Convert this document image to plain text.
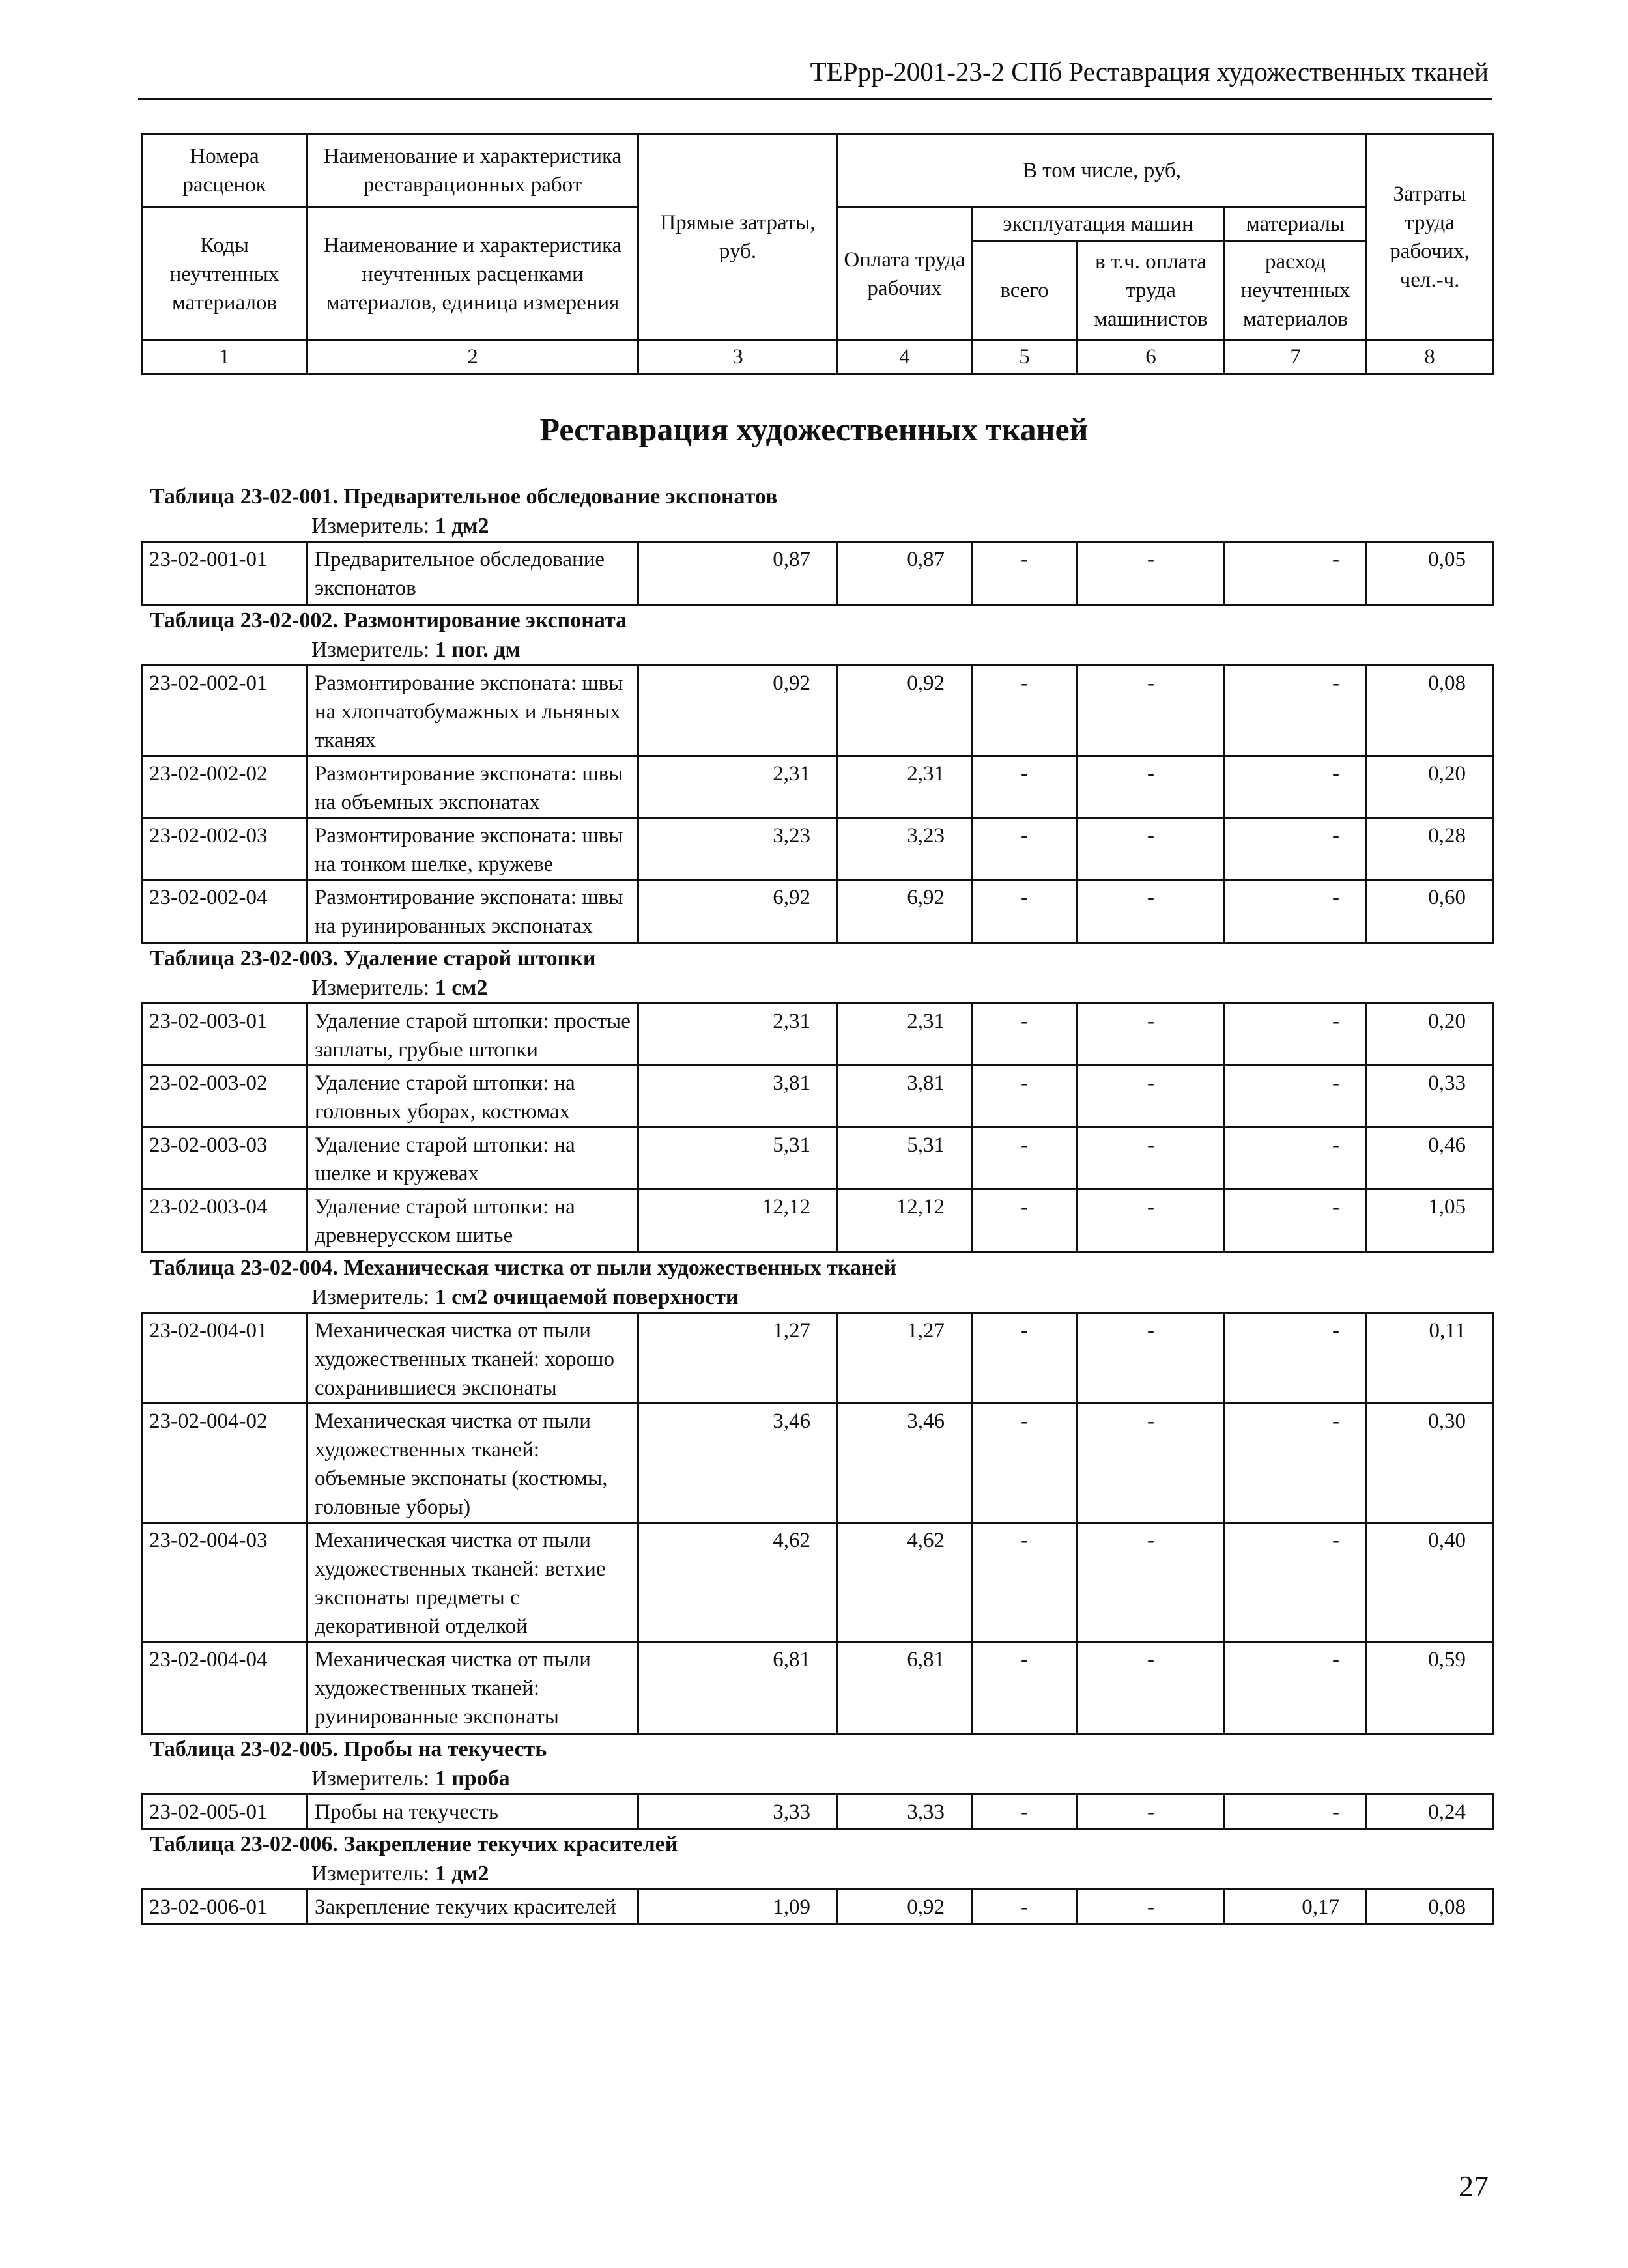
ТЕРрр-2001-23-2 СПб Реставрация художественных тканей
Номера расценок	Наименование и характеристика реставрационных работ	Прямые затраты, руб.	В том числе, руб,				Затраты труда рабочих, чел.-ч.
Коды неучтенных материалов	Наименование и характеристика неучтенных расценками материалов, единица измерения		Оплата труда рабочих	эксплуатация машин		материалы	
				всего	в т.ч. оплата труда машинистов	расход неучтенных материалов	
1	2	3	4	5	6	7	8
Реставрация художественных тканей
Таблица 23-02-001. Предварительное обследование экспонатов
Измеритель: 1 дм2
23-02-001-01	Предварительное обследование экспонатов	0,87	0,87	-	-	-	0,05
Таблица 23-02-002. Размонтирование экспоната
Измеритель: 1 пог. дм
23-02-002-01	Размонтирование экспоната: швы на хлопчатобумажных и льняных тканях	0,92	0,92	-	-	-	0,08
23-02-002-02	Размонтирование экспоната: швы на объемных экспонатах	2,31	2,31	-	-	-	0,20
23-02-002-03	Размонтирование экспоната: швы на тонком шелке, кружеве	3,23	3,23	-	-	-	0,28
23-02-002-04	Размонтирование экспоната: швы на руинированных экспонатах	6,92	6,92	-	-	-	0,60
Таблица 23-02-003. Удаление старой штопки
Измеритель: 1 см2
23-02-003-01	Удаление старой штопки: простые заплаты, грубые штопки	2,31	2,31	-	-	-	0,20
23-02-003-02	Удаление старой штопки: на головных уборах, костюмах	3,81	3,81	-	-	-	0,33
23-02-003-03	Удаление старой штопки: на шелке и кружевах	5,31	5,31	-	-	-	0,46
23-02-003-04	Удаление старой штопки: на древнерусском шитье	12,12	12,12	-	-	-	1,05
Таблица 23-02-004. Механическая чистка от пыли художественных тканей
Измеритель: 1 см2 очищаемой поверхности
23-02-004-01	Механическая чистка от пыли художественных тканей: хорошо сохранившиеся экспонаты	1,27	1,27	-	-	-	0,11
23-02-004-02	Механическая чистка от пыли художественных тканей: объемные экспонаты (костюмы, головные уборы)	3,46	3,46	-	-	-	0,30
23-02-004-03	Механическая чистка от пыли художественных тканей: ветхие экспонаты предметы с декоративной отделкой	4,62	4,62	-	-	-	0,40
23-02-004-04	Механическая чистка от пыли художественных тканей: руинированные экспонаты	6,81	6,81	-	-	-	0,59
Таблица 23-02-005. Пробы на текучесть
Измеритель: 1 проба
23-02-005-01	Пробы на текучесть	3,33	3,33	-	-	-	0,24
Таблица 23-02-006. Закрепление текучих красителей
Измеритель: 1 дм2
23-02-006-01	Закрепление текучих красителей	1,09	0,92	-	-	0,17	0,08
27
